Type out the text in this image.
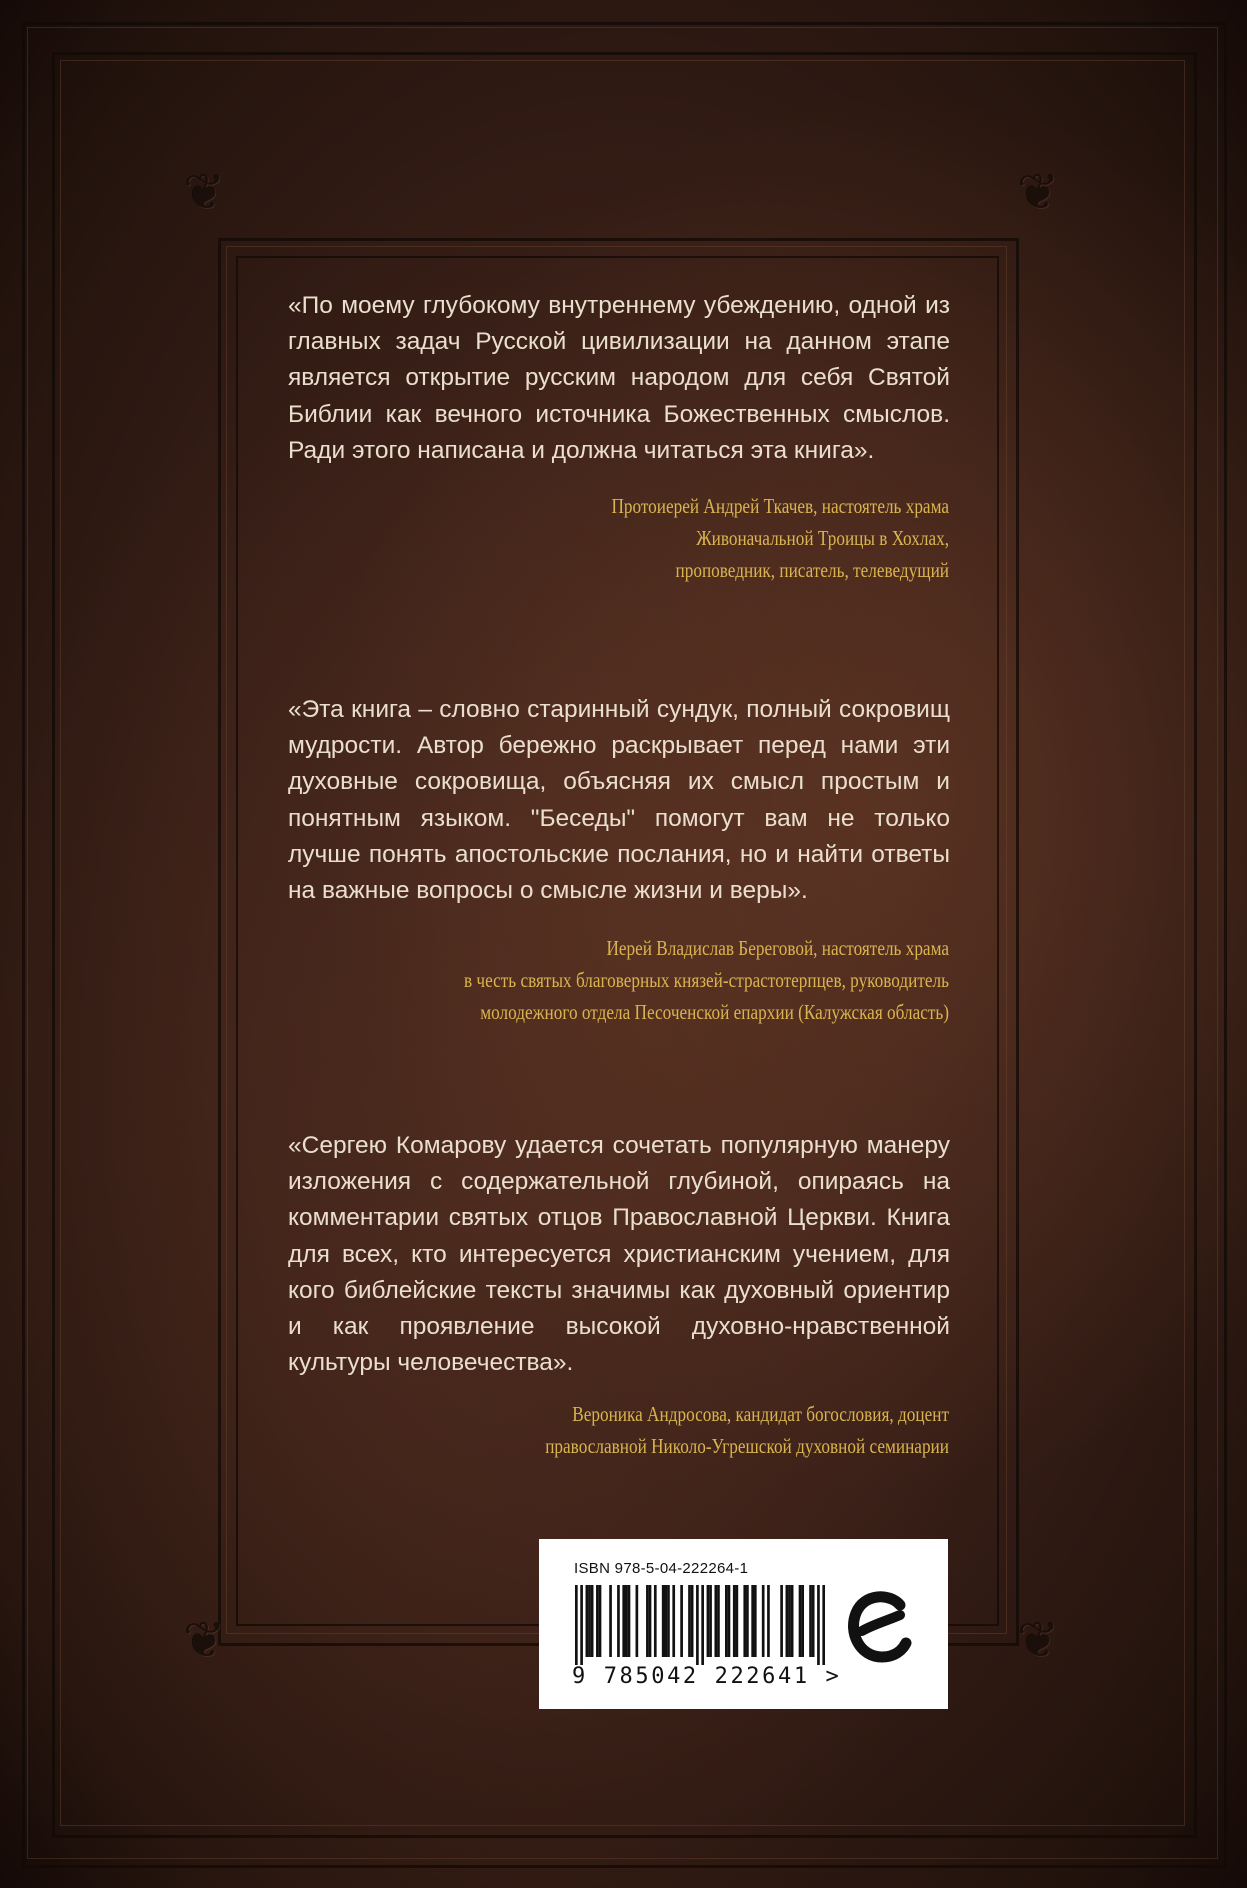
❦	❦
❦	❦

«По моему глубокому внутреннему убеждению, одной из главных задач Русской цивилизации на данном этапе является открытие русским народом для себя Святой Библии как вечного источника Божественных смыслов. Ради этого написана и должна читаться эта книга».

Протоиерей Андрей Ткачев, настоятель храма
Живоначальной Троицы в Хохлах,
проповедник, писатель, телеведущий

«Эта книга – словно старинный сундук, полный сокровищ мудрости. Автор бережно раскрывает перед нами эти духовные сокровища, объясняя их смысл простым и понятным языком. "Беседы" помогут вам не только лучше понять апостольские послания, но и найти ответы на важные вопросы о смысле жизни и веры».

Иерей Владислав Береговой, настоятель храма
в честь святых благоверных князей-страстотерпцев, руководитель
молодежного отдела Песоченской епархии (Калужская область)

«Сергею Комарову удается сочетать популярную манеру изложения с содержательной глубиной, опираясь на комментарии святых отцов Православной Церкви. Книга для всех, кто интересуется христианским учением, для кого библейские тексты значимы как духовный ориентир и как проявление высокой духовно-нравственной культуры человечества».

Вероника Андросова, кандидат богословия, доцент
православной Николо-Угрешской духовной семинарии
ISBN 978-5-04-222264-1
9 785042 222641 >
